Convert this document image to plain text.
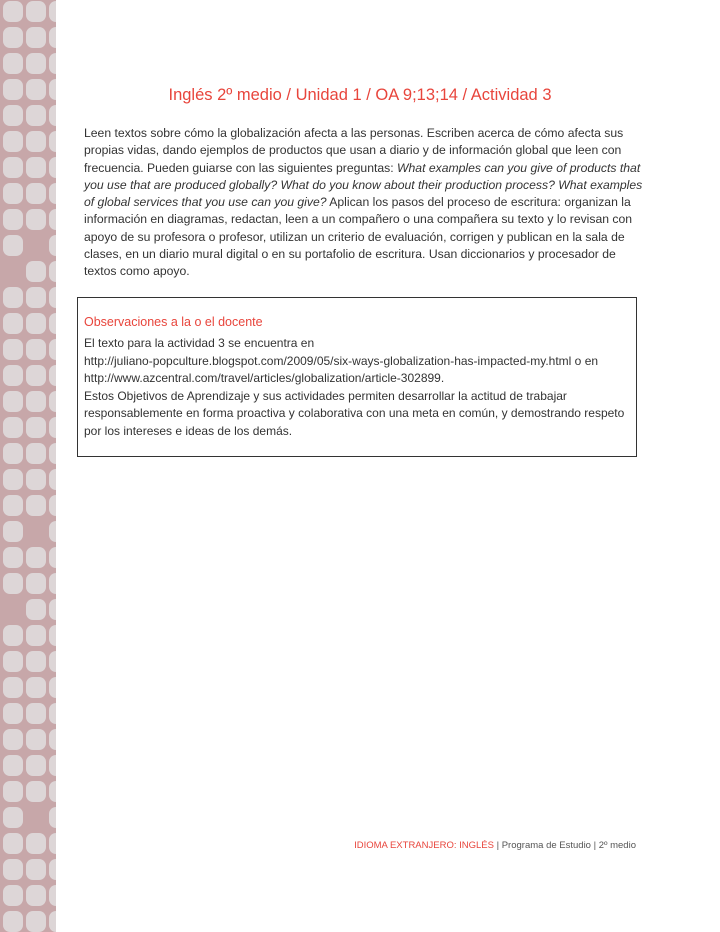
Inglés 2º medio / Unidad 1 / OA 9;13;14 / Actividad 3
Leen textos sobre cómo la globalización afecta a las personas. Escriben acerca de cómo afecta sus propias vidas, dando ejemplos de productos que usan a diario y de información global que leen con frecuencia. Pueden guiarse con las siguientes preguntas: What examples can you give of products that you use that are produced globally? What do you know about their production process? What examples of global services that you use can you give? Aplican los pasos del proceso de escritura: organizan la información en diagramas, redactan, leen a un compañero o una compañera su texto y lo revisan con apoyo de su profesora o profesor, utilizan un criterio de evaluación, corrigen y publican en la sala de clases, en un diario mural digital o en su portafolio de escritura. Usan diccionarios y procesador de textos como apoyo.
Observaciones a la o el docente
El texto para la actividad 3 se encuentra en
http://juliano-popculture.blogspot.com/2009/05/six-ways-globalization-has-impacted-my.html o en
http://www.azcentral.com/travel/articles/globalization/article-302899.
Estos Objetivos de Aprendizaje y sus actividades permiten desarrollar la actitud de trabajar responsablemente en forma proactiva y colaborativa con una meta en común, y demostrando respeto por los intereses e ideas de los demás.
IDIOMA EXTRANJERO: INGLÉS | Programa de Estudio | 2º medio
